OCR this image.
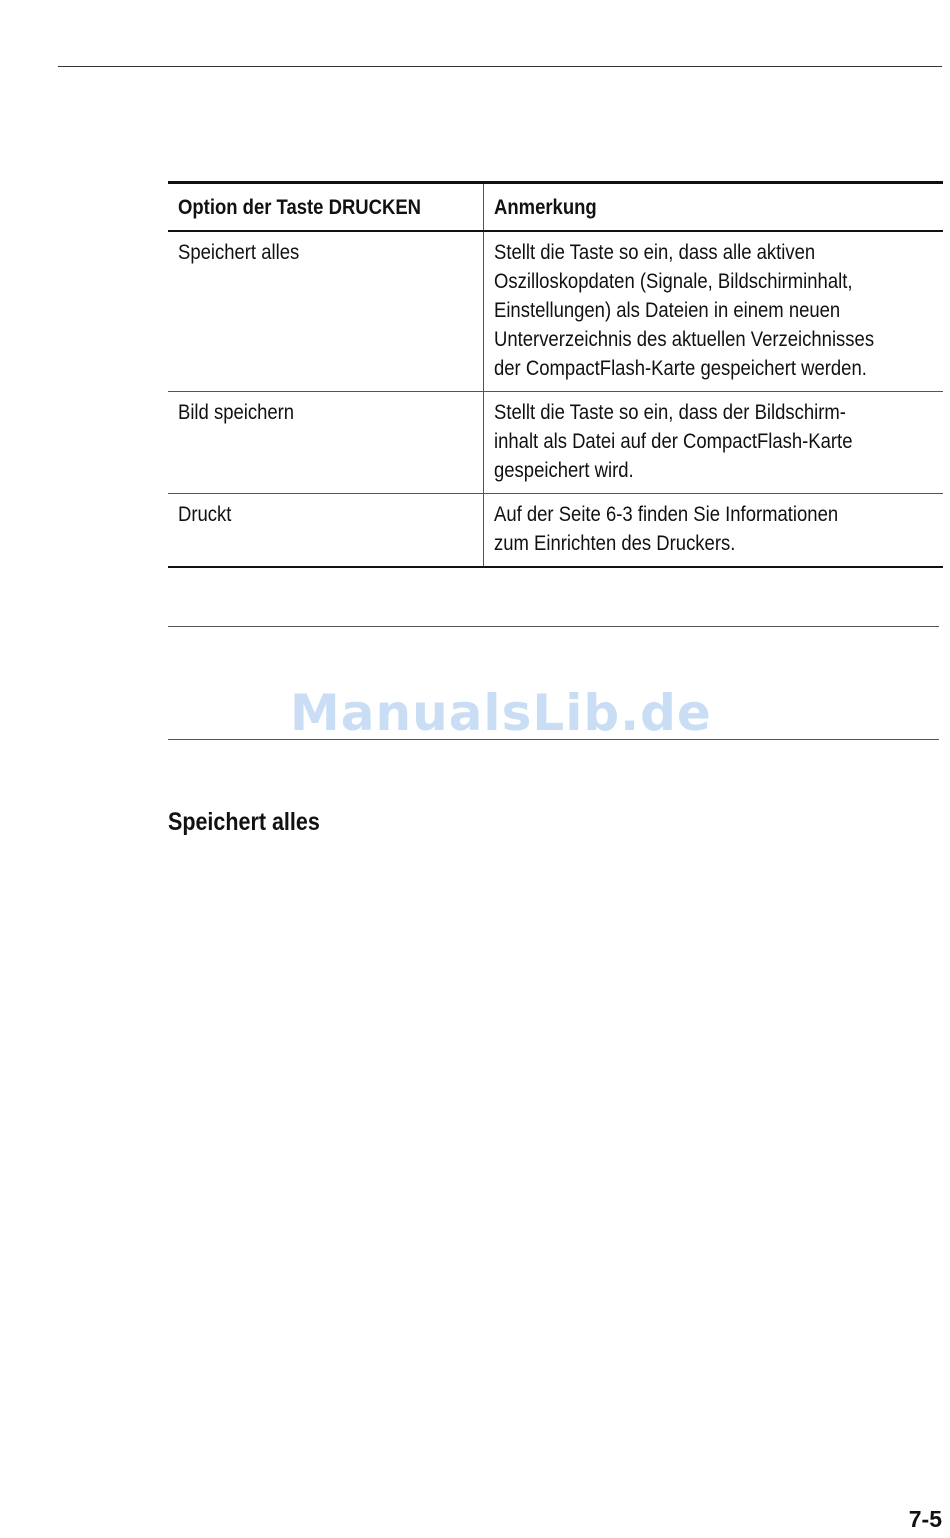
Option der Taste DRUCKEN	Anmerkung
Speichert alles	Stellt die Taste so ein, dass alle aktiven
Oszilloskopdaten (Signale, Bildschirminhalt,
Einstellungen) als Dateien in einem neuen
Unterverzeichnis des aktuellen Verzeichnisses
der CompactFlash-Karte gespeichert werden.
Bild speichern	Stellt die Taste so ein, dass der Bildschirm-
inhalt als Datei auf der CompactFlash-Karte
gespeichert wird.
Druckt	Auf der Seite 6-3 finden Sie Informationen
zum Einrichten des Druckers.
ManualsLib.de
Speichert alles
7-5
